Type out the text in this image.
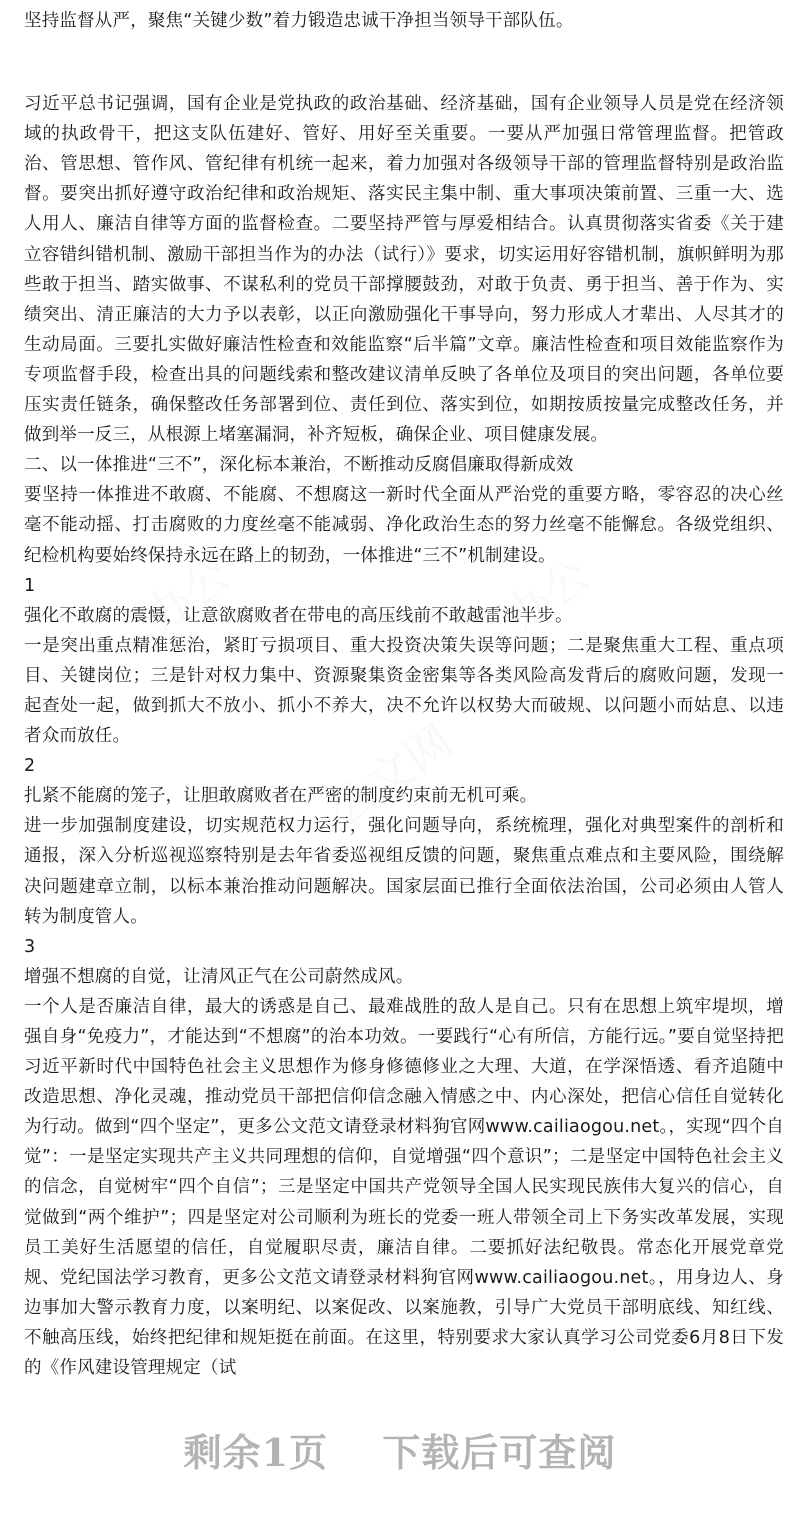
办公	办公
公文网

坚持监督从严，聚焦“关键少数”着力锻造忠诚干净担当领导干部队伍。

习近平总书记强调，国有企业是党执政的政治基础、经济基础，国有企业领导人员是党在经济领域的执政骨干，把这支队伍建好、管好、用好至关重要。一要从严加强日常管理监督。把管政治、管思想、管作风、管纪律有机统一起来，着力加强对各级领导干部的管理监督特别是政治监督。要突出抓好遵守政治纪律和政治规矩、落实民主集中制、重大事项决策前置、三重一大、选人用人、廉洁自律等方面的监督检查。二要坚持严管与厚爱相结合。认真贯彻落实省委《关于建立容错纠错机制、激励干部担当作为的办法（试行）》要求，切实运用好容错机制，旗帜鲜明为那些敢于担当、踏实做事、不谋私利的党员干部撑腰鼓劲，对敢于负责、勇于担当、善于作为、实绩突出、清正廉洁的大力予以表彰，以正向激励强化干事导向，努力形成人才辈出、人尽其才的生动局面。三要扎实做好廉洁性检查和效能监察“后半篇”文章。廉洁性检查和项目效能监察作为专项监督手段，检查出具的问题线索和整改建议清单反映了各单位及项目的突出问题，各单位要压实责任链条，确保整改任务部署到位、责任到位、落实到位，如期按质按量完成整改任务，并做到举一反三，从根源上堵塞漏洞，补齐短板，确保企业、项目健康发展。

二、以一体推进“三不”，深化标本兼治，不断推动反腐倡廉取得新成效

要坚持一体推进不敢腐、不能腐、不想腐这一新时代全面从严治党的重要方略，零容忍的决心丝毫不能动摇、打击腐败的力度丝毫不能减弱、净化政治生态的努力丝毫不能懈怠。各级党组织、纪检机构要始终保持永远在路上的韧劲，一体推进“三不”机制建设。

1

强化不敢腐的震慑，让意欲腐败者在带电的高压线前不敢越雷池半步。

一是突出重点精准惩治，紧盯亏损项目、重大投资决策失误等问题；二是聚焦重大工程、重点项目、关键岗位；三是针对权力集中、资源聚集资金密集等各类风险高发背后的腐败问题，发现一起查处一起，做到抓大不放小、抓小不养大，决不允许以权势大而破规、以问题小而姑息、以违者众而放任。

2

扎紧不能腐的笼子，让胆敢腐败者在严密的制度约束前无机可乘。

进一步加强制度建设，切实规范权力运行，强化问题导向，系统梳理，强化对典型案件的剖析和通报，深入分析巡视巡察特别是去年省委巡视组反馈的问题，聚焦重点难点和主要风险，围绕解决问题建章立制，以标本兼治推动问题解决。国家层面已推行全面依法治国，公司必须由人管人转为制度管人。

3

增强不想腐的自觉，让清风正气在公司蔚然成风。

一个人是否廉洁自律，最大的诱惑是自己、最难战胜的敌人是自己。只有在思想上筑牢堤坝，增强自身“免疫力”，才能达到“不想腐”的治本功效。一要践行“心有所信，方能行远。”要自觉坚持把习近平新时代中国特色社会主义思想作为修身修德修业之大理、大道，在学深悟透、看齐追随中改造思想、净化灵魂，推动党员干部把信仰信念融入情感之中、内心深处，把信心信任自觉转化为行动。做到“四个坚定”，更多公文范文请登录材料狗官网www.cailiaogou.net。，实现“四个自觉”：一是坚定实现共产主义共同理想的信仰，自觉增强“四个意识”；二是坚定中国特色社会主义的信念，自觉树牢“四个自信”；三是坚定中国共产党领导全国人民实现民族伟大复兴的信心，自觉做到“两个维护”；四是坚定对公司顺利为班长的党委一班人带领全司上下务实改革发展，实现员工美好生活愿望的信任，自觉履职尽责，廉洁自律。二要抓好法纪敬畏。常态化开展党章党规、党纪国法学习教育，更多公文范文请登录材料狗官网www.cailiaogou.net。，用身边人、身边事加大警示教育力度，以案明纪、以案促改、以案施教，引导广大党员干部明底线、知红线、不触高压线，始终把纪律和规矩挺在前面。在这里，特别要求大家认真学习公司党委6月8日下发的《作风建设管理规定（试

剩余1页 下载后可查阅
